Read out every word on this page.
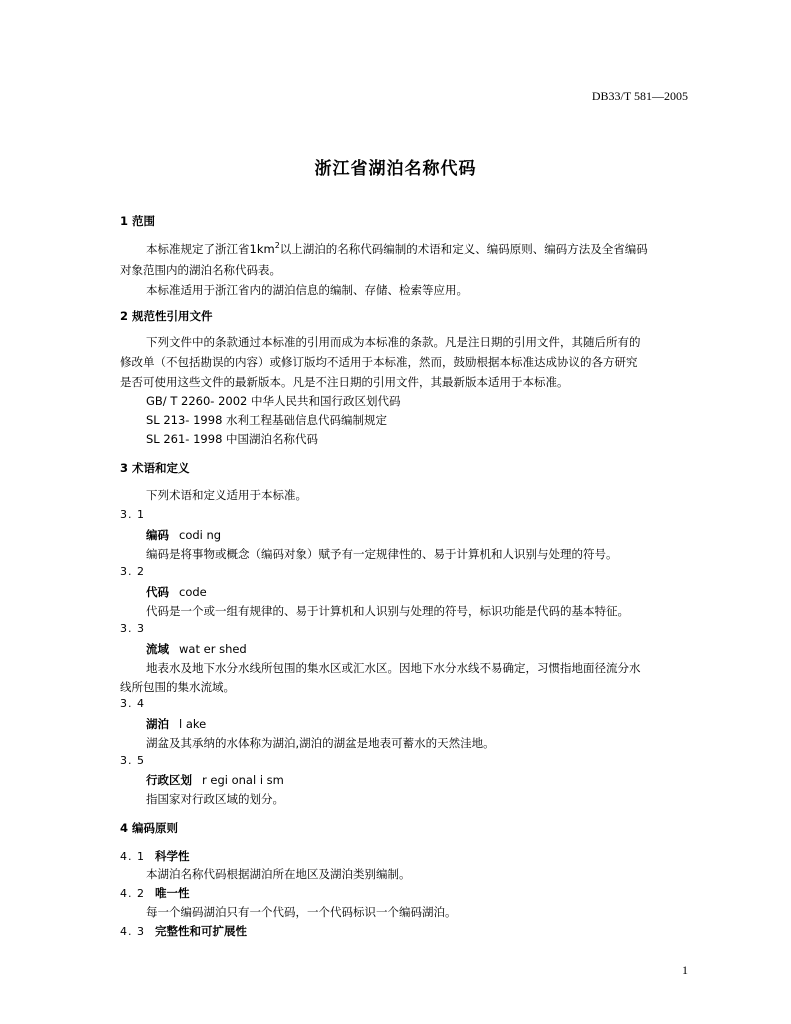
DB33/T 581—2005
浙江省湖泊名称代码
1 范围
本标准规定了浙江省$1km^2$以上湖泊的名称代码编制的术语和定义、编码原则、编码方法及全省编码
对象范围内的湖泊名称代码表。
本标准适用于浙江省内的湖泊信息的编制、存储、检索等应用。
2 规范性引用文件
下列文件中的条款通过本标准的引用而成为本标准的条款。凡是注日期的引用文件，其随后所有的
修改单（不包括勘误的内容）或修订版均不适用于本标准，然而，鼓励根据本标准达成协议的各方研究
是否可使用这些文件的最新版本。凡是不注日期的引用文件，其最新版本适用于本标准。
GB/ T 2260- 2002 中华人民共和国行政区划代码
SL 213- 1998 水利工程基础信息代码编制规定
SL 261- 1998 中国湖泊名称代码
3 术语和定义
下列术语和定义适用于本标准。
3. 1
编码 codi ng
编码是将事物或概念（编码对象）赋予有一定规律性的、易于计算机和人识别与处理的符号。
3. 2
代码 code
代码是一个或一组有规律的、易于计算机和人识别与处理的符号，标识功能是代码的基本特征。
3. 3
流域 wat er shed
地表水及地下水分水线所包围的集水区或汇水区。因地下水分水线不易确定，习惯指地面径流分水
线所包围的集水流域。
3. 4
湖泊 l ake
湖盆及其承纳的水体称为湖泊,湖泊的湖盆是地表可蓄水的天然洼地。
3. 5
行政区划 r egi onal i sm
指国家对行政区域的划分。
4 编码原则
4. 1 科学性
本湖泊名称代码根据湖泊所在地区及湖泊类别编制。
4. 2 唯一性
每一个编码湖泊只有一个代码，一个代码标识一个编码湖泊。
4. 3 完整性和可扩展性
1
